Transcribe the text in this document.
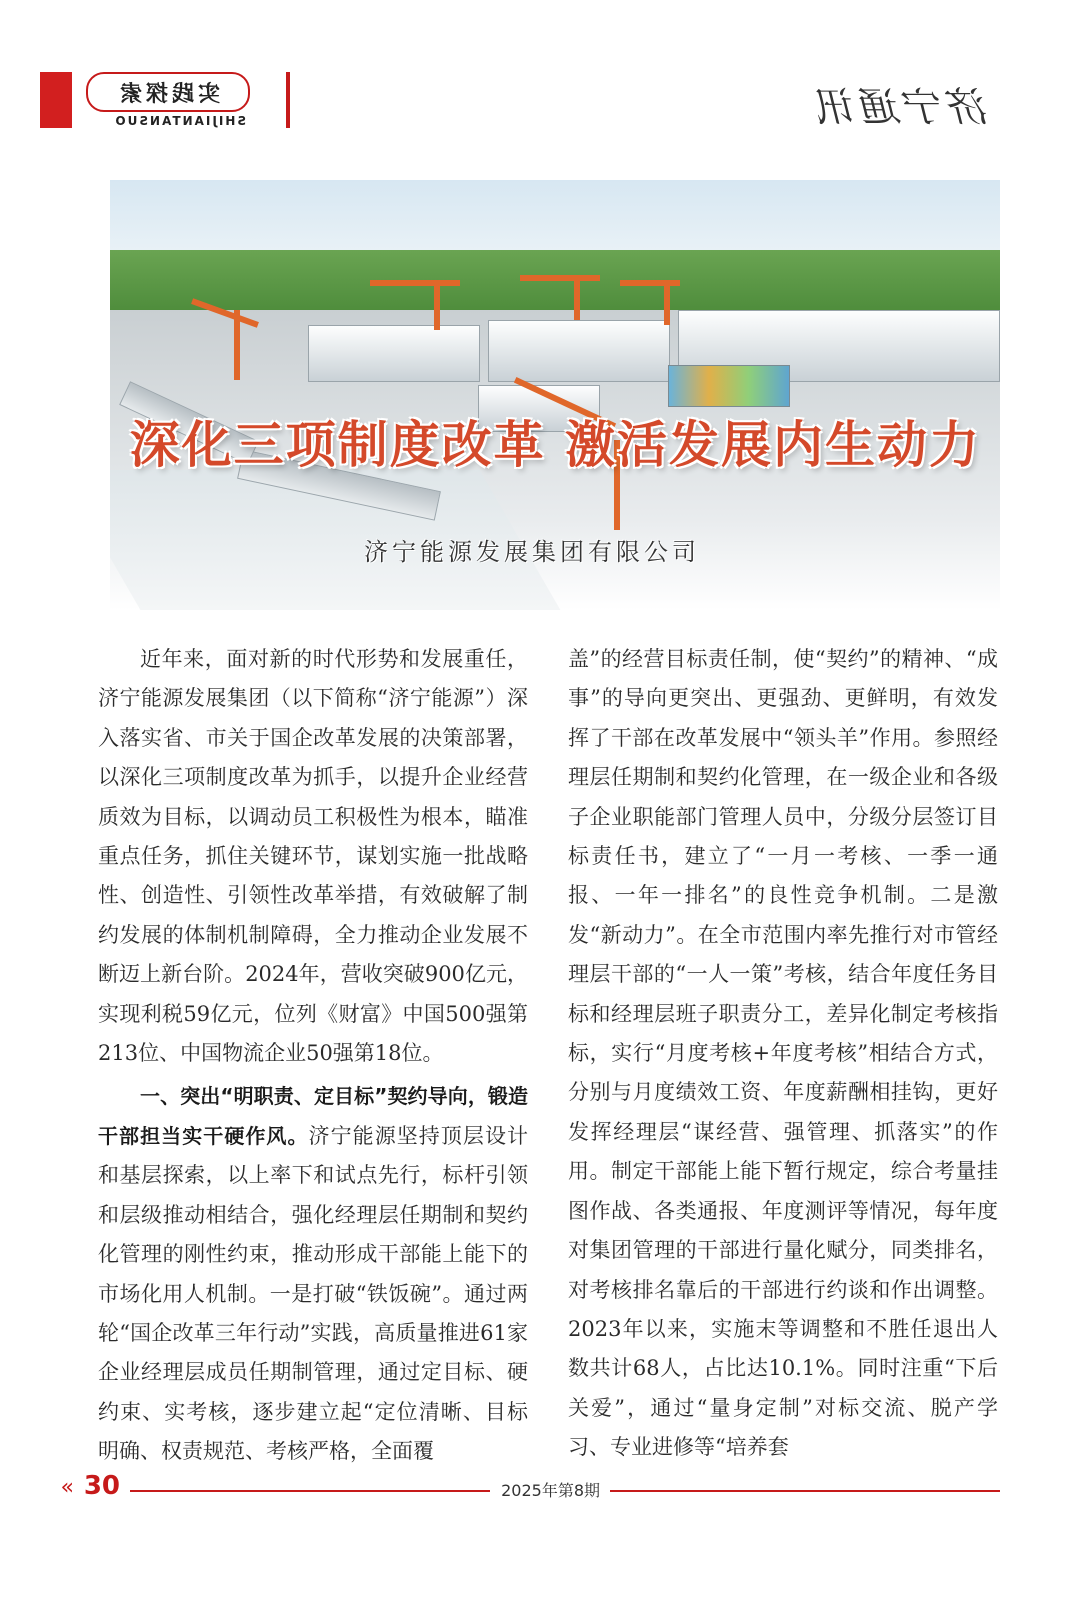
济宁通讯
实践探索
SHIJIANTANSUO
深化三项制度改革 激活发展内生动力
济宁能源发展集团有限公司

近年来，面对新的时代形势和发展重任，济宁能源发展集团（以下简称“济宁能源”）深入落实省、市关于国企改革发展的决策部署，以深化三项制度改革为抓手，以提升企业经营质效为目标，以调动员工积极性为根本，瞄准重点任务，抓住关键环节，谋划实施一批战略性、创造性、引领性改革举措，有效破解了制约发展的体制机制障碍，全力推动企业发展不断迈上新台阶。2024年，营收突破900亿元，实现利税59亿元，位列《财富》中国500强第213位、中国物流企业50强第18位。

一、突出“明职责、定目标”契约导向，锻造干部担当实干硬作风。济宁能源坚持顶层设计和基层探索，以上率下和试点先行，标杆引领和层级推动相结合，强化经理层任期制和契约化管理的刚性约束，推动形成干部能上能下的市场化用人机制。一是打破“铁饭碗”。通过两轮“国企改革三年行动”实践，高质量推进61家企业经理层成员任期制管理，通过定目标、硬约束、实考核，逐步建立起“定位清晰、目标明确、权责规范、考核严格，全面覆

盖”的经营目标责任制，使“契约”的精神、“成事”的导向更突出、更强劲、更鲜明，有效发挥了干部在改革发展中“领头羊”作用。参照经理层任期制和契约化管理，在一级企业和各级子企业职能部门管理人员中，分级分层签订目标责任书，建立了“一月一考核、一季一通报、一年一排名”的良性竞争机制。二是激发“新动力”。在全市范围内率先推行对市管经理层干部的“一人一策”考核，结合年度任务目标和经理层班子职责分工，差异化制定考核指标，实行“月度考核+年度考核”相结合方式，分别与月度绩效工资、年度薪酬相挂钩，更好发挥经理层“谋经营、强管理、抓落实”的作用。制定干部能上能下暂行规定，综合考量挂图作战、各类通报、年度测评等情况，每年度对集团管理的干部进行量化赋分，同类排名，对考核排名靠后的干部进行约谈和作出调整。2023年以来，实施末等调整和不胜任退出人数共计68人，占比达10.1%。同时注重“下后关爱”，通过“量身定制”对标交流、脱产学习、专业进修等“培养套

2025年第8期
30
»
